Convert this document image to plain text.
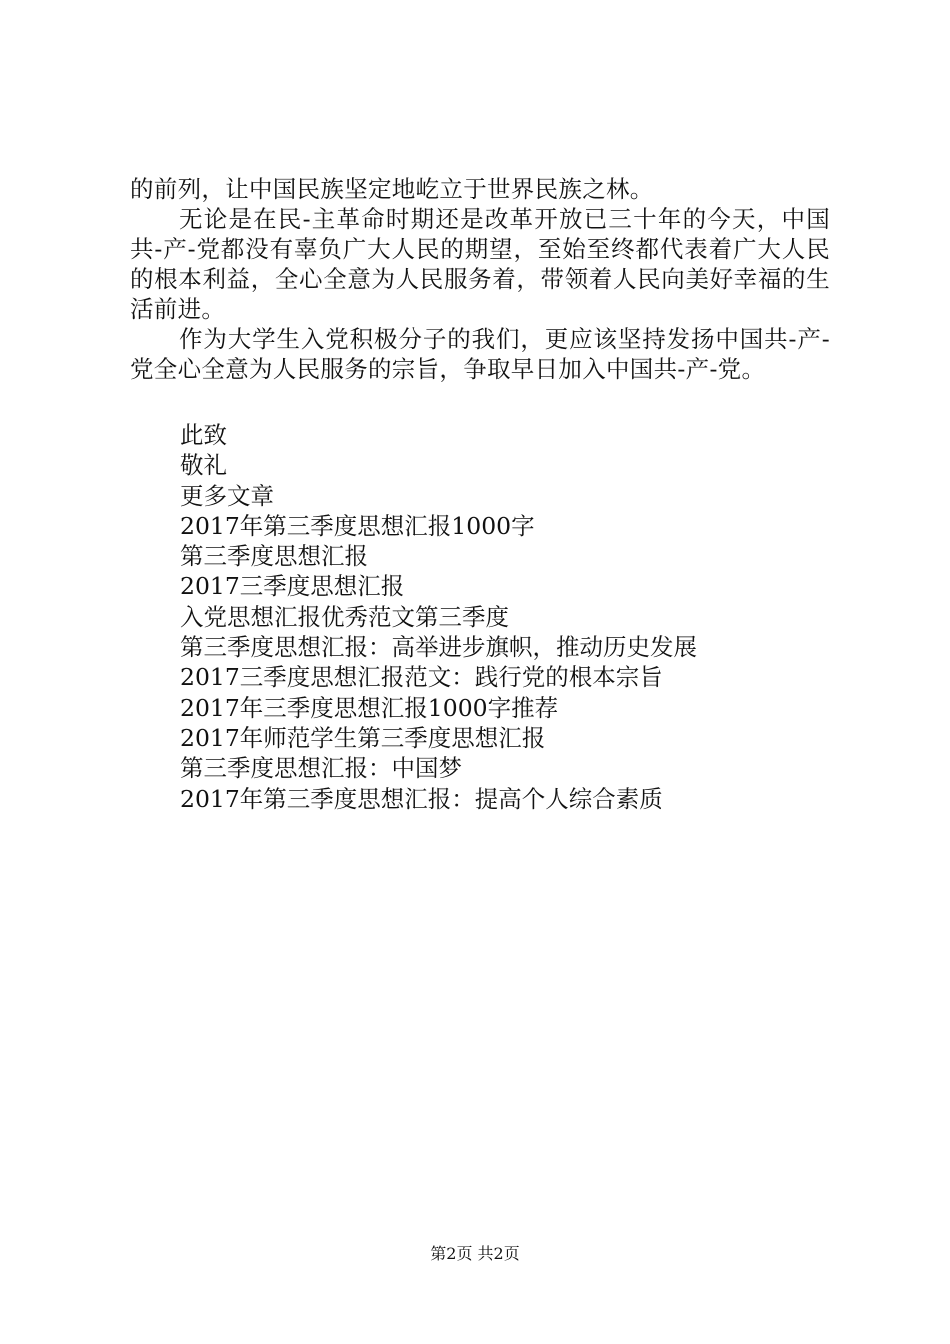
的前列，让中国民族坚定地屹立于世界民族之林。

无论是在民-主革命时期还是改革开放已三十年的今天，中国共-产-党都没有辜负广大人民的期望，至始至终都代表着广大人民的根本利益，全心全意为人民服务着，带领着人民向美好幸福的生活前进。

作为大学生入党积极分子的我们，更应该坚持发扬中国共-产-党全心全意为人民服务的宗旨，争取早日加入中国共-产-党。

此致
敬礼
更多文章
2017年第三季度思想汇报1000字
第三季度思想汇报
2017三季度思想汇报
入党思想汇报优秀范文第三季度
第三季度思想汇报：高举进步旗帜，推动历史发展
2017三季度思想汇报范文：践行党的根本宗旨
2017年三季度思想汇报1000字推荐
2017年师范学生第三季度思想汇报
第三季度思想汇报：中国梦
2017年第三季度思想汇报：提高个人综合素质
第2页 共2页
